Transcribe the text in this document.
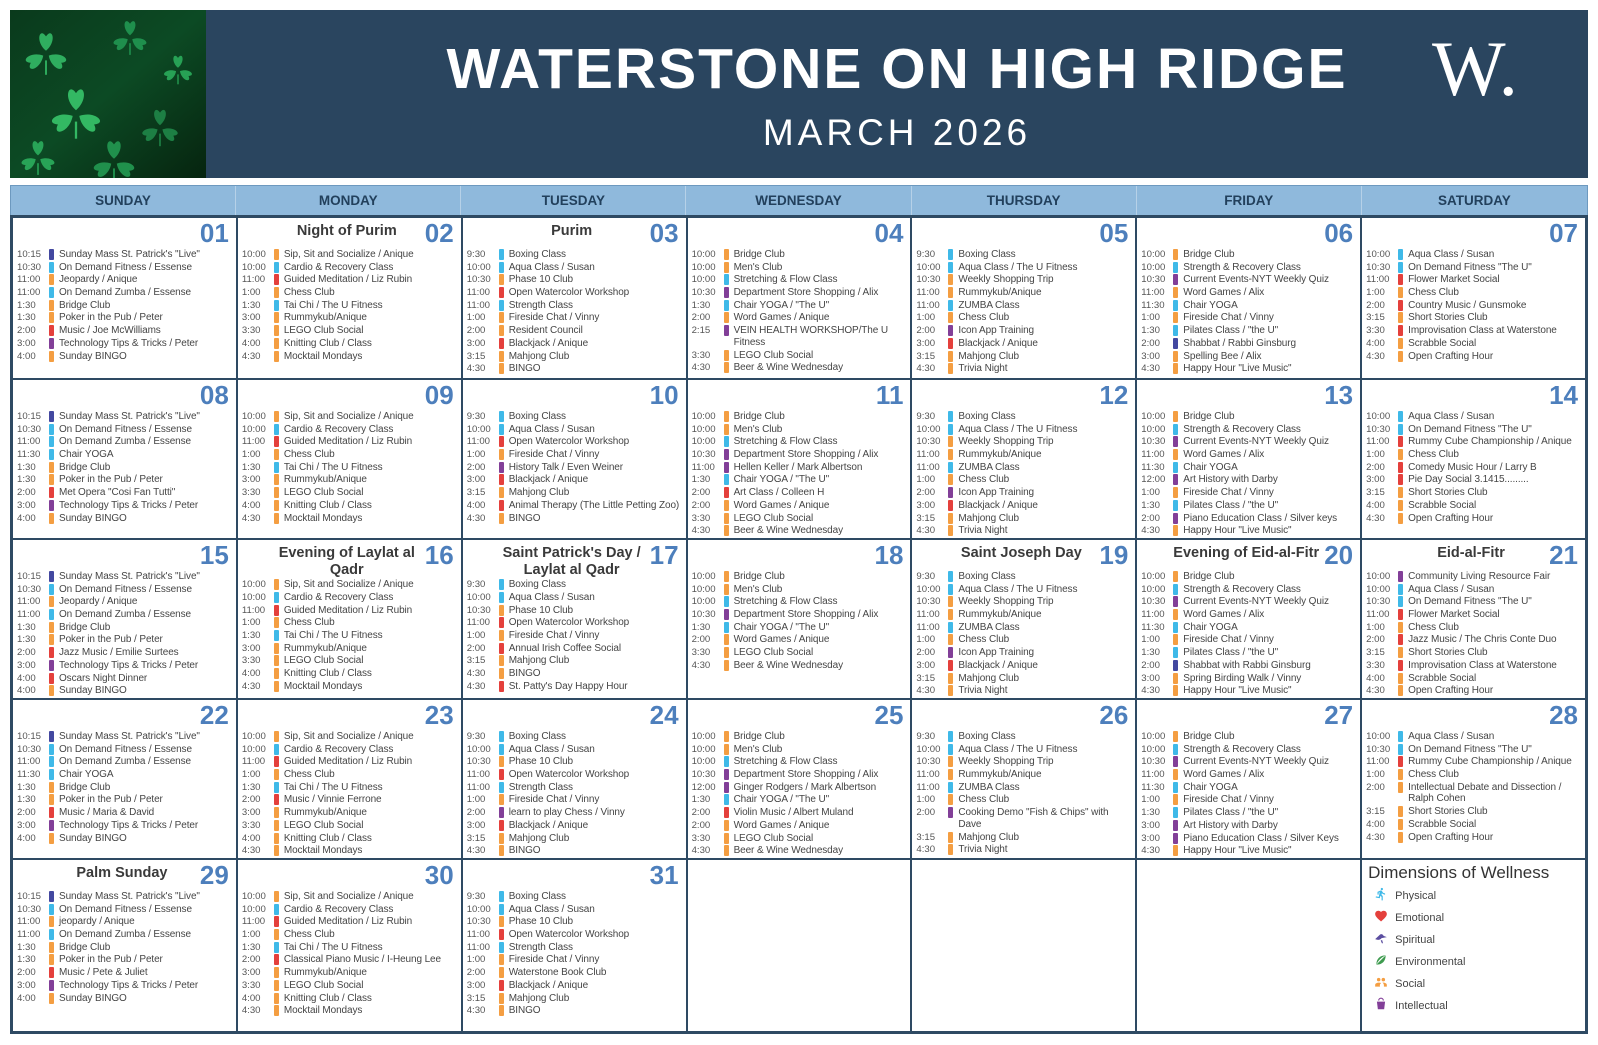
WATERSTONE ON HIGH RIDGE
MARCH 2026
W.
SUNDAY	MONDAY	TUESDAY	WEDNESDAY	THURSDAY	FRIDAY	SATURDAY
01
10:15	Sunday Mass St. Patrick's "Live"
10:30	On Demand Fitness / Essense
11:00	Jeopardy / Anique
11:00	On Demand Zumba / Essense
1:30	Bridge Club
1:30	Poker in the Pub / Peter
2:00	Music / Joe McWilliams
3:00	Technology Tips & Tricks / Peter
4:00	Sunday BINGO
02
Night of Purim
10:00	Sip, Sit and Socialize / Anique
10:00	Cardio & Recovery Class
11:00	Guided Meditation / Liz Rubin
1:00	Chess Club
1:30	Tai Chi / The U Fitness
3:00	Rummykub/Anique
3:30	LEGO Club Social
4:00	Knitting Club / Class
4:30	Mocktail Mondays
03
Purim
9:30	Boxing Class
10:00	Aqua Class / Susan
10:30	Phase 10 Club
11:00	Open Watercolor Workshop
11:00	Strength Class
1:00	Fireside Chat / Vinny
2:00	Resident Council
3:00	Blackjack / Anique
3:15	Mahjong Club
4:30	BINGO
04
10:00	Bridge Club
10:00	Men's Club
10:00	Stretching & Flow Class
10:30	Department Store Shopping / Alix
1:30	Chair YOGA / "The U"
2:00	Word Games / Anique
2:15	VEIN HEALTH WORKSHOP/The U Fitness
3:30	LEGO Club Social
4:30	Beer & Wine Wednesday
05
9:30	Boxing Class
10:00	Aqua Class / The U Fitness
10:30	Weekly Shopping Trip
11:00	Rummykub/Anique
11:00	ZUMBA Class
1:00	Chess Club
2:00	Icon App Training
3:00	Blackjack / Anique
3:15	Mahjong Club
4:30	Trivia Night
06
10:00	Bridge Club
10:00	Strength & Recovery Class
10:30	Current Events-NYT Weekly Quiz
11:00	Word Games / Alix
11:30	Chair YOGA
1:00	Fireside Chat / Vinny
1:30	Pilates Class / "the U"
2:00	Shabbat / Rabbi Ginsburg
3:00	Spelling Bee / Alix
4:30	Happy Hour "Live Music"
07
10:00	Aqua Class / Susan
10:30	On Demand Fitness "The U"
11:00	Flower Market Social
1:00	Chess Club
2:00	Country Music / Gunsmoke
3:15	Short Stories Club
3:30	Improvisation Class at Waterstone
4:00	Scrabble Social
4:30	Open Crafting Hour
08
10:15	Sunday Mass St. Patrick's "Live"
10:30	On Demand Fitness / Essense
11:00	On Demand Zumba / Essense
11:30	Chair YOGA
1:30	Bridge Club
1:30	Poker in the Pub / Peter
2:00	Met Opera "Cosi Fan Tutti"
3:00	Technology Tips & Tricks / Peter
4:00	Sunday BINGO
09
10:00	Sip, Sit and Socialize / Anique
10:00	Cardio & Recovery Class
11:00	Guided Meditation / Liz Rubin
1:00	Chess Club
1:30	Tai Chi / The U Fitness
3:00	Rummykub/Anique
3:30	LEGO Club Social
4:00	Knitting Club / Class
4:30	Mocktail Mondays
10
9:30	Boxing Class
10:00	Aqua Class / Susan
11:00	Open Watercolor Workshop
1:00	Fireside Chat / Vinny
2:00	History Talk / Even Weiner
3:00	Blackjack / Anique
3:15	Mahjong Club
4:00	Animal Therapy (The Little Petting Zoo)
4:30	BINGO
11
10:00	Bridge Club
10:00	Men's Club
10:00	Stretching & Flow Class
10:30	Department Store Shopping / Alix
11:00	Hellen Keller / Mark Albertson
1:30	Chair YOGA / "The U"
2:00	Art Class / Colleen H
2:00	Word Games / Anique
3:30	LEGO Club Social
4:30	Beer & Wine Wednesday
12
9:30	Boxing Class
10:00	Aqua Class / The U Fitness
10:30	Weekly Shopping Trip
11:00	Rummykub/Anique
11:00	ZUMBA Class
1:00	Chess Club
2:00	Icon App Training
3:00	Blackjack / Anique
3:15	Mahjong Club
4:30	Trivia Night
13
10:00	Bridge Club
10:00	Strength & Recovery Class
10:30	Current Events-NYT Weekly Quiz
11:00	Word Games / Alix
11:30	Chair YOGA
12:00	Art History with Darby
1:00	Fireside Chat / Vinny
1:30	Pilates Class / "the U"
2:00	Piano Education Class / Silver keys
4:30	Happy Hour "Live Music"
14
10:00	Aqua Class / Susan
10:30	On Demand Fitness "The U"
11:00	Rummy Cube Championship / Anique
1:00	Chess Club
2:00	Comedy Music Hour / Larry B
3:00	Pie Day Social 3.1415.........
3:15	Short Stories Club
4:00	Scrabble Social
4:30	Open Crafting Hour
15
10:15	Sunday Mass St. Patrick's "Live"
10:30	On Demand Fitness / Essense
11:00	Jeopardy / Anique
11:00	On Demand Zumba / Essense
1:30	Bridge Club
1:30	Poker in the Pub / Peter
2:00	Jazz Music / Emilie Surtees
3:00	Technology Tips & Tricks / Peter
4:00	Oscars Night Dinner
4:00	Sunday BINGO
16
Evening of Laylat al Qadr
10:00	Sip, Sit and Socialize / Anique
10:00	Cardio & Recovery Class
11:00	Guided Meditation / Liz Rubin
1:00	Chess Club
1:30	Tai Chi / The U Fitness
3:00	Rummykub/Anique
3:30	LEGO Club Social
4:00	Knitting Club / Class
4:30	Mocktail Mondays
17
Saint Patrick's Day / Laylat al Qadr
9:30	Boxing Class
10:00	Aqua Class / Susan
10:30	Phase 10 Club
11:00	Open Watercolor Workshop
1:00	Fireside Chat / Vinny
2:00	Annual Irish Coffee Social
3:15	Mahjong Club
4:30	BINGO
4:30	St. Patty's Day Happy Hour
18
10:00	Bridge Club
10:00	Men's Club
10:00	Stretching & Flow Class
10:30	Department Store Shopping / Alix
1:30	Chair YOGA / "The U"
2:00	Word Games / Anique
3:30	LEGO Club Social
4:30	Beer & Wine Wednesday
19
Saint Joseph Day
9:30	Boxing Class
10:00	Aqua Class / The U Fitness
10:30	Weekly Shopping Trip
11:00	Rummykub/Anique
11:00	ZUMBA Class
1:00	Chess Club
2:00	Icon App Training
3:00	Blackjack / Anique
3:15	Mahjong Club
4:30	Trivia Night
20
Evening of Eid-al-Fitr
10:00	Bridge Club
10:00	Strength & Recovery Class
10:30	Current Events-NYT Weekly Quiz
11:00	Word Games / Alix
11:30	Chair YOGA
1:00	Fireside Chat / Vinny
1:30	Pilates Class / "the U"
2:00	Shabbat with Rabbi Ginsburg
3:00	Spring Birding Walk / Vinny
4:30	Happy Hour "Live Music"
21
Eid-al-Fitr
10:00	Community Living Resource Fair
10:00	Aqua Class / Susan
10:30	On Demand Fitness "The U"
11:00	Flower Market Social
1:00	Chess Club
2:00	Jazz Music / The Chris Conte Duo
3:15	Short Stories Club
3:30	Improvisation Class at Waterstone
4:00	Scrabble Social
4:30	Open Crafting Hour
22
10:15	Sunday Mass St. Patrick's "Live"
10:30	On Demand Fitness / Essense
11:00	On Demand Zumba / Essense
11:30	Chair YOGA
1:30	Bridge Club
1:30	Poker in the Pub / Peter
2:00	Music / Maria & David
3:00	Technology Tips & Tricks / Peter
4:00	Sunday BINGO
23
10:00	Sip, Sit and Socialize / Anique
10:00	Cardio & Recovery Class
11:00	Guided Meditation / Liz Rubin
1:00	Chess Club
1:30	Tai Chi / The U Fitness
2:00	Music / Vinnie Ferrone
3:00	Rummykub/Anique
3:30	LEGO Club Social
4:00	Knitting Club / Class
4:30	Mocktail Mondays
24
9:30	Boxing Class
10:00	Aqua Class / Susan
10:30	Phase 10 Club
11:00	Open Watercolor Workshop
11:00	Strength Class
1:00	Fireside Chat / Vinny
2:00	learn to play Chess / Vinny
3:00	Blackjack / Anique
3:15	Mahjong Club
4:30	BINGO
25
10:00	Bridge Club
10:00	Men's Club
10:00	Stretching & Flow Class
10:30	Department Store Shopping / Alix
12:00	Ginger Rodgers / Mark Albertson
1:30	Chair YOGA / "The U"
2:00	Violin Music / Albert Muland
2:00	Word Games / Anique
3:30	LEGO Club Social
4:30	Beer & Wine Wednesday
26
9:30	Boxing Class
10:00	Aqua Class / The U Fitness
10:30	Weekly Shopping Trip
11:00	Rummykub/Anique
11:00	ZUMBA Class
1:00	Chess Club
2:00	Cooking Demo "Fish & Chips" with Dave
3:15	Mahjong Club
4:30	Trivia Night
27
10:00	Bridge Club
10:00	Strength & Recovery Class
10:30	Current Events-NYT Weekly Quiz
11:00	Word Games / Alix
11:30	Chair YOGA
1:00	Fireside Chat / Vinny
1:30	Pilates Class / "the U"
3:00	Art History with Darby
3:00	Piano Education Class / Silver Keys
4:30	Happy Hour "Live Music"
28
10:00	Aqua Class / Susan
10:30	On Demand Fitness "The U"
11:00	Rummy Cube Championship / Anique
1:00	Chess Club
2:00	Intellectual Debate and Dissection / Ralph Cohen
3:15	Short Stories Club
4:00	Scrabble Social
4:30	Open Crafting Hour
29
Palm Sunday
10:15	Sunday Mass St. Patrick's "Live"
10:30	On Demand Fitness / Essense
11:00	jeopardy / Anique
11:00	On Demand Zumba / Essense
1:30	Bridge Club
1:30	Poker in the Pub / Peter
2:00	Music / Pete & Juliet
3:00	Technology Tips & Tricks / Peter
4:00	Sunday BINGO
30
10:00	Sip, Sit and Socialize / Anique
10:00	Cardio & Recovery Class
11:00	Guided Meditation / Liz Rubin
1:00	Chess Club
1:30	Tai Chi / The U Fitness
2:00	Classical Piano Music / I-Heung Lee
3:00	Rummykub/Anique
3:30	LEGO Club Social
4:00	Knitting Club / Class
4:30	Mocktail Mondays
31
9:30	Boxing Class
10:00	Aqua Class / Susan
10:30	Phase 10 Club
11:00	Open Watercolor Workshop
11:00	Strength Class
1:00	Fireside Chat / Vinny
2:00	Waterstone Book Club
3:00	Blackjack / Anique
3:15	Mahjong Club
4:30	BINGO
Dimensions of Wellness
Physical
Emotional
Spiritual
Environmental
Social
Intellectual
